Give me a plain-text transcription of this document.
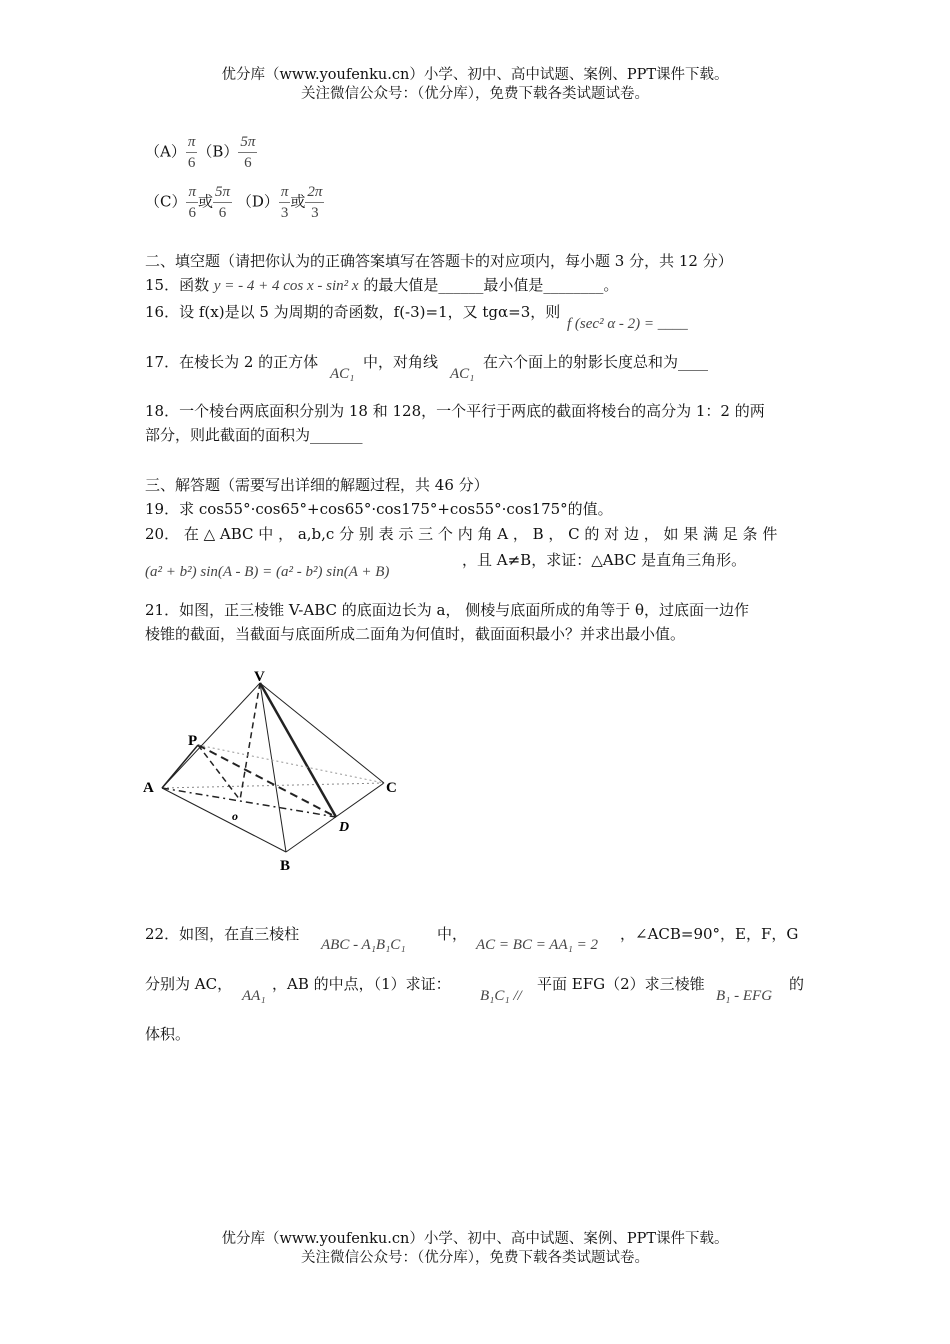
优分库（www.youfenku.cn）小学、初中、高中试题、案例、PPT课件下载。
关注微信公众号：（优分库），免费下载各类试题试卷。
$(A) \frac{\pi}{6} (B) \frac{5\pi}{6}$
$(C) \frac{\pi}{6}$ 或 $\frac{5\pi}{6} (D) \frac{\pi}{3}$ 或 $\frac{2\pi}{3}$
二、填空题（请把你认为的正确答案填写在答题卡的对应项内，每小题 3 分，共 12 分）
15．函数 y = - 4 + 4 cos x - sin² x 的最大值是______最小值是________。
16．设 f(x)是以 5 为周期的奇函数，f(-3)=1，又 tgα=3，则
f (sec² α - 2) = ____
17．在棱长为 2 的正方体
AC₁
中，对角线
AC₁
在六个面上的射影长度总和为____
18．一个棱台两底面积分别为 18 和 128，一个平行于两底的截面将棱台的高分为 1：2 的两
部分，则此截面的面积为_______
三、解答题（需要写出详细的解题过程，共 46 分）
19．求 cos55°·cos65°+cos65°·cos175°+cos55°·cos175°的值。
20． 在 △ ABC 中 ， a,b,c 分 别 表 示 三 个 内 角 A ， B ， C 的 对 边 ， 如 果 满 足 条 件
(a² + b²) sin(A - B) = (a² - b²) sin(A + B)
，且 A≠B，求证：△ABC 是直角三角形。
21．如图，正三棱锥 V-ABC 的底面边长为 a， 侧棱与底面所成的角等于 θ，过底面一边作
棱锥的截面，当截面与底面所成二面角为何值时，截面面积最小？并求出最小值。
V
P
A	C
o
D
B
22．如图，在直三棱柱
ABC - A₁B₁C₁
中，
AC = BC = AA₁ = 2
，∠ACB=90°，E，F，G
分别为 AC，
AA₁
，AB 的中点，（1）求证：
B₁C₁ //
平面 EFG（2）求三棱锥
B₁ - EFG
的
体积。
优分库（www.youfenku.cn）小学、初中、高中试题、案例、PPT课件下载。
关注微信公众号：（优分库），免费下载各类试题试卷。
